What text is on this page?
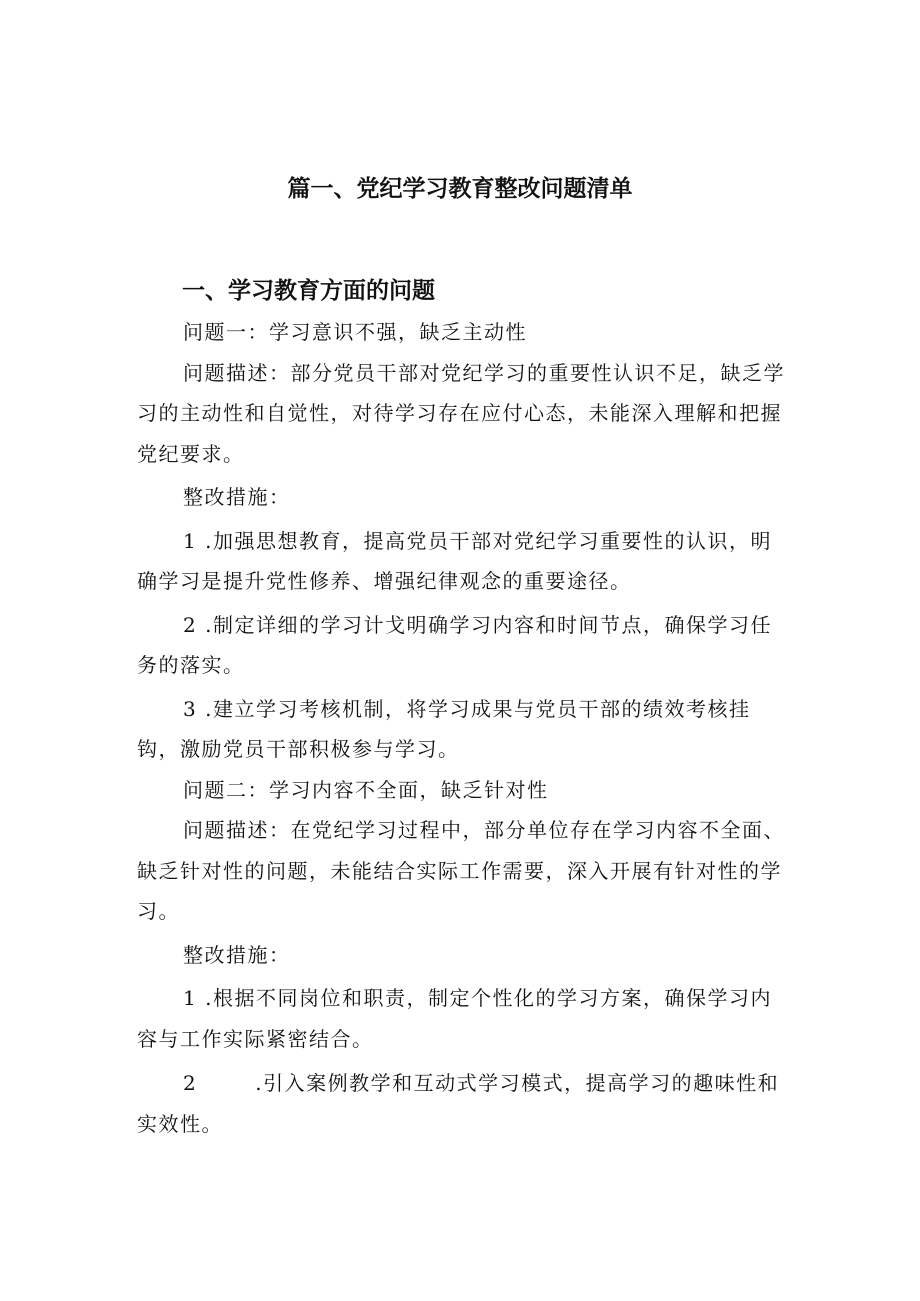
篇一、党纪学习教育整改问题清单
一、学习教育方面的问题

问题一：学习意识不强，缺乏主动性

问题描述：部分党员干部对党纪学习的重要性认识不足，缺乏学习的主动性和自觉性，对待学习存在应付心态，未能深入理解和把握党纪要求。

整改措施：

1 .加强思想教育，提高党员干部对党纪学习重要性的认识，明确学习是提升党性修养、增强纪律观念的重要途径。

2 .制定详细的学习计戈明确学习内容和时间节点，确保学习任务的落实。

3 .建立学习考核机制，将学习成果与党员干部的绩效考核挂钩，激励党员干部积极参与学习。

问题二：学习内容不全面，缺乏针对性

问题描述：在党纪学习过程中，部分单位存在学习内容不全面、缺乏针对性的问题，未能结合实际工作需要，深入开展有针对性的学习。

整改措施：

1 .根据不同岗位和职责，制定个性化的学习方案，确保学习内容与工作实际紧密结合。

2	.引入案例教学和互动式学习模式，提高学习的趣味性和实效性。
